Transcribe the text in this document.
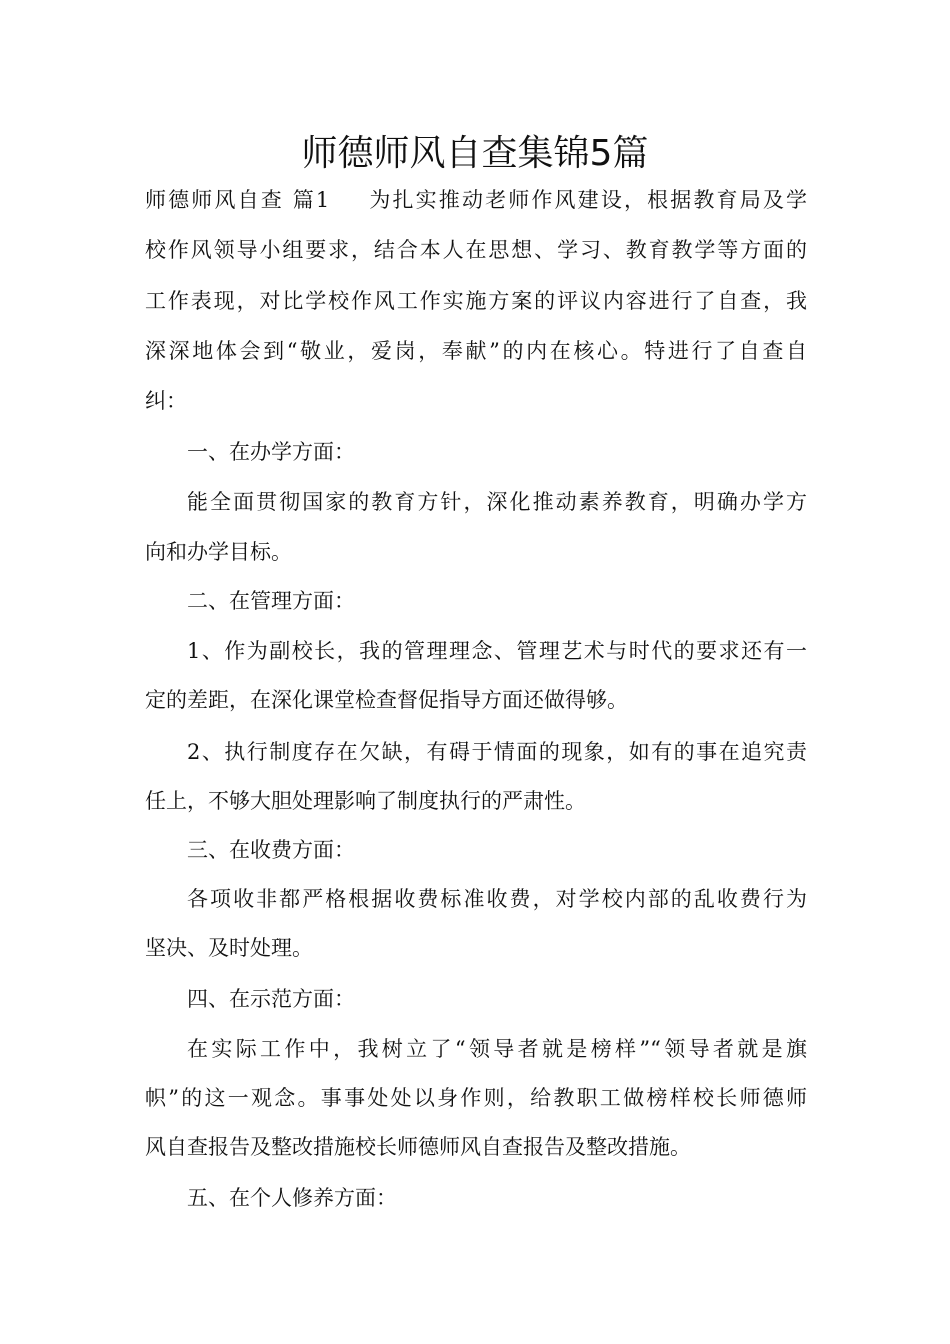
师德师风自查集锦5篇
师德师风自查 篇1 为扎实推动老师作风建设，根据教育局及学
校作风领导小组要求，结合本人在思想、学习、教育教学等方面的
工作表现，对比学校作风工作实施方案的评议内容进行了自查，我
深深地体会到“敬业，爱岗，奉献”的内在核心。特进行了自查自
纠：
一、在办学方面：
能全面贯彻国家的教育方针，深化推动素养教育，明确办学方
向和办学目标。
二、在管理方面：
1、作为副校长，我的管理理念、管理艺术与时代的要求还有一
定的差距，在深化课堂检查督促指导方面还做得够。
2、执行制度存在欠缺，有碍于情面的现象，如有的事在追究责
任上，不够大胆处理影响了制度执行的严肃性。
三、在收费方面：
各项收非都严格根据收费标准收费，对学校内部的乱收费行为
坚决、及时处理。
四、在示范方面：
在实际工作中，我树立了“领导者就是榜样”“领导者就是旗
帜”的这一观念。事事处处以身作则，给教职工做榜样校长师德师
风自查报告及整改措施校长师德师风自查报告及整改措施。
五、在个人修养方面：
